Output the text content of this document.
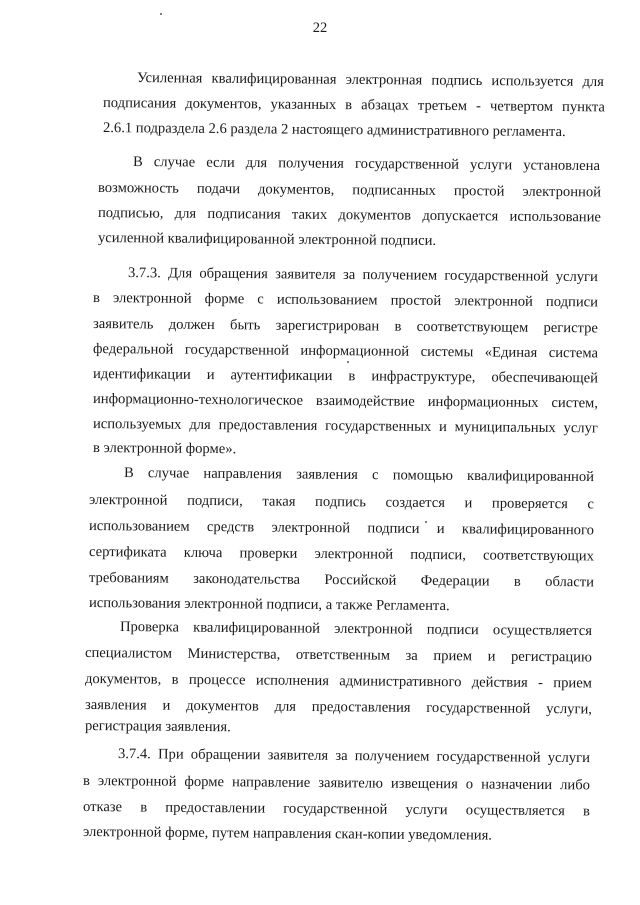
22
Усиленная квалифицированная электронная подпись используется для
подписания документов, указанных в абзацах третьем - четвертом пункта
2.6.1 подраздела 2.6 раздела 2 настоящего административного регламента.
В случае если для получения государственной услуги установлена
возможность подачи документов, подписанных простой электронной
подписью, для подписания таких документов допускается использование
усиленной квалифицированной электронной подписи.
3.7.3. Для обращения заявителя за получением государственной услуги
в электронной форме с использованием простой электронной подписи
заявитель должен быть зарегистрирован в соответствующем регистре
федеральной государственной информационной системы «Единая система
идентификации и аутентификации в инфраструктуре, обеспечивающей
информационно-технологическое взаимодействие информационных систем,
используемых для предоставления государственных и муниципальных услуг
в электронной форме».
В случае направления заявления с помощью квалифицированной
электронной подписи, такая подпись создается и проверяется с
использованием средств электронной подписи и квалифицированного
сертификата ключа проверки электронной подписи, соответствующих
требованиям законодательства Российской Федерации в области
использования электронной подписи, а также Регламента.
Проверка квалифицированной электронной подписи осуществляется
специалистом Министерства, ответственным за прием и регистрацию
документов, в процессе исполнения административного действия - прием
заявления и документов для предоставления государственной услуги,
регистрация заявления.
3.7.4. При обращении заявителя за получением государственной услуги
в электронной форме направление заявителю извещения о назначении либо
отказе в предоставлении государственной услуги осуществляется в
электронной форме, путем направления скан-копии уведомления.
